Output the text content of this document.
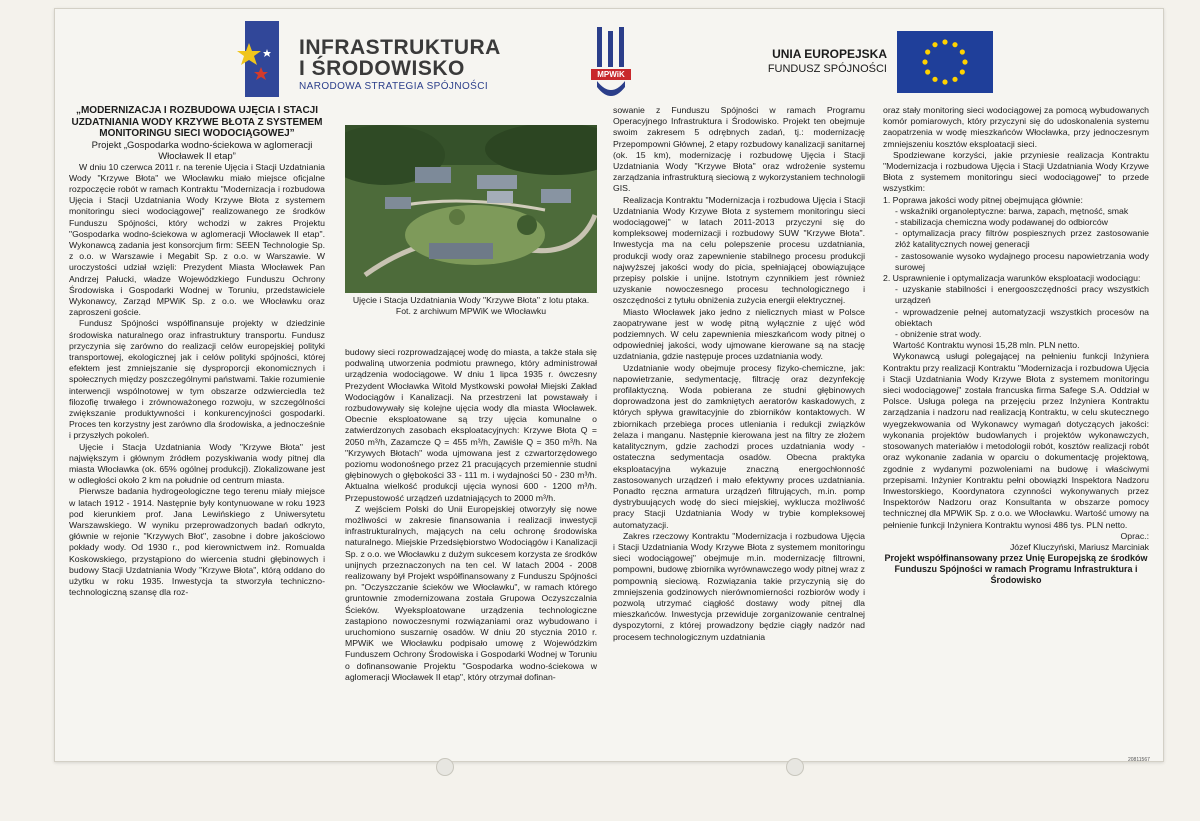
INFRASTRUKTURA
I ŚRODOWISKO
NARODOWA STRATEGIA SPÓJNOŚCI
MPWiK
UNIA EUROPEJSKA
FUNDUSZ SPÓJNOŚCI

„MODERNIZACJA I ROZBUDOWA UJĘCIA I STACJI UZDATNIANIA WODY KRZYWE BŁOTA Z SYSTEMEM MONITORINGU SIECI WODOCIĄGOWEJ”

Projekt „Gospodarka wodno-ściekowa w aglomeracji Włocławek II etap”

W dniu 10 czerwca 2011 r. na terenie Ujęcia i Stacji Uzdatniania Wody "Krzywe Błota" we Włocławku miało miejsce oficjalne rozpoczęcie robót w ramach Kontraktu "Modernizacja i rozbudowa Ujęcia i Stacji Uzdatniania Wody Krzywe Błota z systemem monitoringu sieci wodociągowej" realizowanego ze środków Funduszu Spójności, który wchodzi w zakres Projektu "Gospodarka wodno-ściekowa w aglomeracji Włocławek II etap". Wykonawcą zadania jest konsorcjum firm: SEEN Technologie Sp. z o.o. w Warszawie i Megabit Sp. z o.o. w Warszawie. W uroczystości udział wzięli: Prezydent Miasta Włocławek Pan Andrzej Pałucki, władze Wojewódzkiego Funduszu Ochrony Środowiska i Gospodarki Wodnej w Toruniu, przedstawiciele Wykonawcy, Zarząd MPWiK Sp. z o.o. we Włocławku oraz zaproszeni goście.

Fundusz Spójności współfinansuje projekty w dziedzinie środowiska naturalnego oraz infrastruktury transportu. Fundusz przyczynia się zarówno do realizacji celów europejskiej polityki transportowej, ekologicznej jak i celów polityki spójności, której efektem jest zmniejszanie się dysproporcji ekonomicznych i społecznych między poszczególnymi państwami. Takie rozumienie interwencji wspólnotowej w tym obszarze odzwierciedla też filozofię trwałego i zrównoważonego rozwoju, w szczególności zwiększanie produktywności i konkurencyjności gospodarki. Proces ten korzystny jest zarówno dla środowiska, a jednocześnie i przyszłych pokoleń.

Ujęcie i Stacja Uzdatniania Wody "Krzywe Błota" jest największym i głównym źródłem pozyskiwania wody pitnej dla miasta Włocławka (ok. 65% ogólnej produkcji). Zlokalizowane jest w odległości około 2 km na południe od centrum miasta.

Pierwsze badania hydrogeologiczne tego terenu miały miejsce w latach 1912 - 1914. Następnie były kontynuowane w roku 1923 pod kierunkiem prof. Jana Lewińskiego z Uniwersytetu Warszawskiego. W wyniku przeprowadzonych badań odkryto, głównie w rejonie "Krzywych Błot", zasobne i dobre jakościowo pokłady wody. Od 1930 r., pod kierownictwem inż. Romualda Koskowskiego, przystąpiono do wiercenia studni głębinowych i budowy Stacji Uzdatniania Wody "Krzywe Błota", którą oddano do użytku w roku 1935. Inwestycja ta stworzyła techniczno-technologiczną szansę dla roz-

Ujęcie i Stacja Uzdatniania Wody "Krzywe Błota" z lotu ptaka. Fot. z archiwum MPWiK we Włocławku

budowy sieci rozprowadzającej wodę do miasta, a także stała się podwaliną utworzenia podmiotu prawnego, który administrował urządzenia wodociągowe. W dniu 1 lipca 1935 r. ówczesny Prezydent Włocławka Witold Mystkowski powołał Miejski Zakład Wodociągów i Kanalizacji. Na przestrzeni lat powstawały i rozbudowywały się kolejne ujęcia wody dla miasta Włocławek. Obecnie eksploatowane są trzy ujęcia komunalne o zatwierdzonych zasobach eksploatacyjnych: Krzywe Błota Q = 2050 m³/h, Zazamcze Q = 455 m³/h, Zawiśle Q = 350 m³/h. Na "Krzywych Błotach" woda ujmowana jest z czwartorzędowego poziomu wodonośnego przez 21 pracujących przemiennie studni głębinowych o głębokości 33 - 111 m. i wydajności 50 - 230 m³/h. Aktualna wielkość produkcji ujęcia wynosi 600 - 1200 m³/h. Przepustowość urządzeń uzdatniających to 2000 m³/h.

Z wejściem Polski do Unii Europejskiej otworzyły się nowe możliwości w zakresie finansowania i realizacji inwestycji infrastrukturalnych, mających na celu ochronę środowiska naturalnego. Miejskie Przedsiębiorstwo Wodociągów i Kanalizacji Sp. z o.o. we Włocławku z dużym sukcesem korzysta ze środków unijnych przeznaczonych na ten cel. W latach 2004 - 2008 realizowany był Projekt współfinansowany z Funduszu Spójności pn. "Oczyszczanie ścieków we Włocławku", w ramach którego gruntownie zmodernizowana została Grupowa Oczyszczalnia Ścieków. Wyeksploatowane urządzenia technologiczne zastąpiono nowoczesnymi rozwiązaniami oraz wybudowano i uruchomiono suszarnię osadów. W dniu 20 stycznia 2010 r. MPWiK we Włocławku podpisało umowę z Wojewódzkim Funduszem Ochrony Środowiska i Gospodarki Wodnej w Toruniu o dofinansowanie Projektu "Gospodarka wodno-ściekowa w aglomeracji Włocławek II etap", który otrzymał dofinan-

sowanie z Funduszu Spójności w ramach Programu Operacyjnego Infrastruktura i Środowisko. Projekt ten obejmuje swoim zakresem 5 odrębnych zadań, tj.: modernizację Przepompowni Głównej, 2 etapy rozbudowy kanalizacji sanitarnej (ok. 15 km), modernizację i rozbudowę Ujęcia i Stacji Uzdatniania Wody "Krzywe Błota" oraz wdrożenie systemu zarządzania infrastrukturą sieciową z wykorzystaniem technologii GIS.

Realizacja Kontraktu "Modernizacja i rozbudowa Ujęcia i Stacji Uzdatniania Wody Krzywe Błota z systemem monitoringu sieci wodociągowej" w latach 2011-2013 przyczyni się do kompleksowej modernizacji i rozbudowy SUW "Krzywe Błota". Inwestycja ma na celu polepszenie procesu uzdatniania, produkcji wody oraz zapewnienie stabilnego procesu produkcji najwyższej jakości wody do picia, spełniającej obowiązujące przepisy polskie i unijne. Istotnym czynnikiem jest również uzyskanie nowoczesnego procesu technologicznego i oszczędności z tytułu obniżenia zużycia energii elektrycznej.

Miasto Włocławek jako jedno z nielicznych miast w Polsce zaopatrywane jest w wodę pitną wyłącznie z ujęć wód podziemnych. W celu zapewnienia mieszkańcom wody pitnej o odpowiedniej jakości, wody ujmowane kierowane są na stację uzdatniania, gdzie następuje proces uzdatniania wody.

Uzdatnianie wody obejmuje procesy fizyko-chemiczne, jak: napowietrzanie, sedymentację, filtrację oraz dezynfekcję profilaktyczną. Woda pobierana ze studni głębinowych doprowadzona jest do zamkniętych aeratorów kaskadowych, z których spływa grawitacyjnie do zbiorników kontaktowych. W zbiornikach przebiega proces utleniania i redukcji związków żelaza i manganu. Następnie kierowana jest na filtry ze złożem katalitycznym, gdzie zachodzi proces uzdatniania wody - ostateczna sedymentacja osadów. Obecna praktyka eksploatacyjna wykazuje znaczną energochłonność zastosowanych urządzeń i mało efektywny proces uzdatniania. Ponadto ręczna armatura urządzeń filtrujących, m.in. pomp dystrybuujących wodę do sieci miejskiej, wyklucza możliwość pracy Stacji Uzdatniania Wody w trybie kompleksowej automatyzacji.

Zakres rzeczowy Kontraktu "Modernizacja i rozbudowa Ujęcia i Stacji Uzdatniania Wody Krzywe Błota z systemem monitoringu sieci wodociągowej" obejmuje m.in. modernizację filtrowni, pompowni, budowę zbiornika wyrównawczego wody pitnej wraz z pompownią sieciową. Rozwiązania takie przyczynią się do zmniejszenia godzinowych nierównomierności rozbiorów wody i pozwolą utrzymać ciągłość dostawy wody pitnej dla mieszkańców. Inwestycja przewiduje zorganizowanie centralnej dyspozytorni, z której prowadzony będzie ciągły nadzór nad procesem technologicznym uzdatniania

oraz stały monitoring sieci wodociągowej za pomocą wybudowanych komór pomiarowych, który przyczyni się do udoskonalenia systemu zaopatrzenia w wodę mieszkańców Włocławka, przy jednoczesnym zmniejszeniu kosztów eksploatacji sieci.

Spodziewane korzyści, jakie przyniesie realizacja Kontraktu "Modernizacja i rozbudowa Ujęcia i Stacji Uzdatniania Wody Krzywe Błota z systemem monitoringu sieci wodociągowej" to przede wszystkim:

1. Poprawa jakości wody pitnej obejmująca głównie:

- wskaźniki organoleptyczne: barwa, zapach, mętność, smak

- stabilizacja chemiczna wody podawanej do odbiorców

- optymalizacja pracy filtrów pospiesznych przez zastosowanie złóż katalitycznych nowej generacji

- zastosowanie wysoko wydajnego procesu napowietrzania wody surowej

2. Usprawnienie i optymalizacja warunków eksploatacji wodociągu:

- uzyskanie stabilności i energooszczędności pracy wszystkich urządzeń

- wprowadzenie pełnej automatyzacji wszystkich procesów na obiektach

- obniżenie strat wody.

Wartość Kontraktu wynosi 15,28 mln. PLN netto.

Wykonawcą usługi polegającej na pełnieniu funkcji Inżyniera Kontraktu przy realizacji Kontraktu "Modernizacja i rozbudowa Ujęcia i Stacji Uzdatniania Wody Krzywe Błota z systemem monitoringu sieci wodociągowej" została francuska firma Safege S.A. Oddział w Polsce. Usługa polega na przejęciu przez Inżyniera Kontraktu zarządzania i nadzoru nad realizacją Kontraktu, w celu skutecznego wyegzekwowania od Wykonawcy wymagań dotyczących jakości: wykonania projektów budowlanych i projektów wykonawczych, stosowanych materiałów i metodologii robót, kosztów realizacji robót oraz wykonanie zadania w oparciu o dokumentację projektową, zgodnie z wydanymi pozwoleniami na budowę i właściwymi przepisami. Inżynier Kontraktu pełni obowiązki Inspektora Nadzoru Inwestorskiego, Koordynatora czynności wykonywanych przez Inspektorów Nadzoru oraz Konsultanta w obszarze pomocy technicznej dla MPWiK Sp. z o.o. we Włocławku. Wartość umowy na pełnienie funkcji Inżyniera Kontraktu wynosi 486 tys. PLN netto.

Oprac.:
Józef Kluczyński, Mariusz Marciniak

Projekt współfinansowany przez Unię Europejską ze środków Funduszu Spójności w ramach Programu Infrastruktura i Środowisko

20811567
